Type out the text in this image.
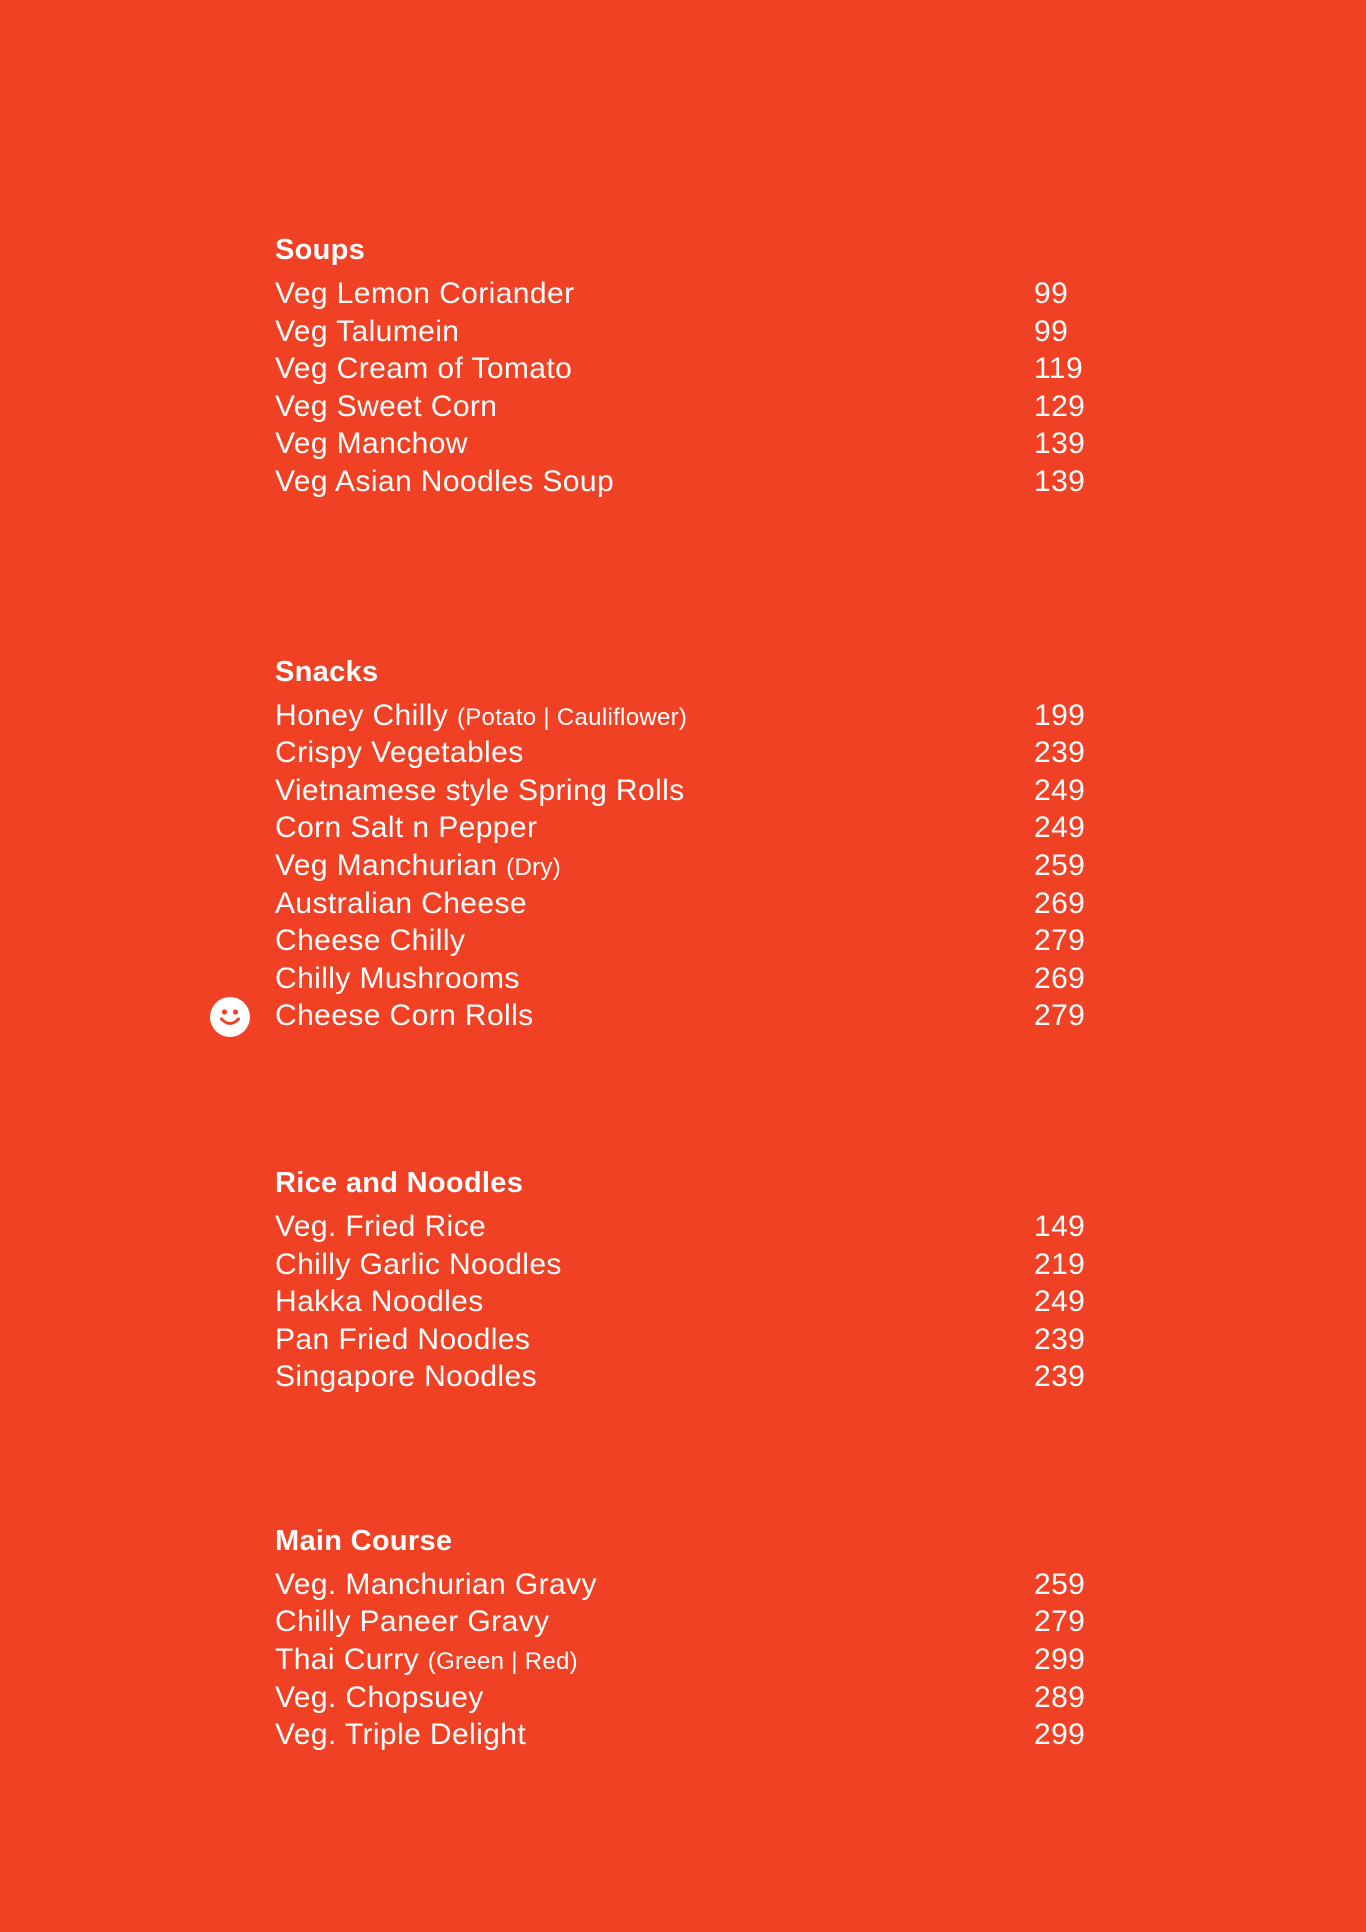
Soups
Veg Lemon Coriander	99
Veg Talumein	99
Veg Cream of Tomato	119
Veg Sweet Corn	129
Veg Manchow	139
Veg Asian Noodles Soup	139
Snacks
Honey Chilly (Potato | Cauliflower)	199
Crispy Vegetables	239
Vietnamese style Spring Rolls	249
Corn Salt n Pepper	249
Veg Manchurian (Dry)	259
Australian Cheese	269
Cheese Chilly	279
Chilly Mushrooms	269
Cheese Corn Rolls	279
Rice and Noodles
Veg. Fried Rice	149
Chilly Garlic Noodles	219
Hakka Noodles	249
Pan Fried Noodles	239
Singapore Noodles	239
Main Course
Veg. Manchurian Gravy	259
Chilly Paneer Gravy	279
Thai Curry (Green | Red)	299
Veg. Chopsuey	289
Veg. Triple Delight	299
